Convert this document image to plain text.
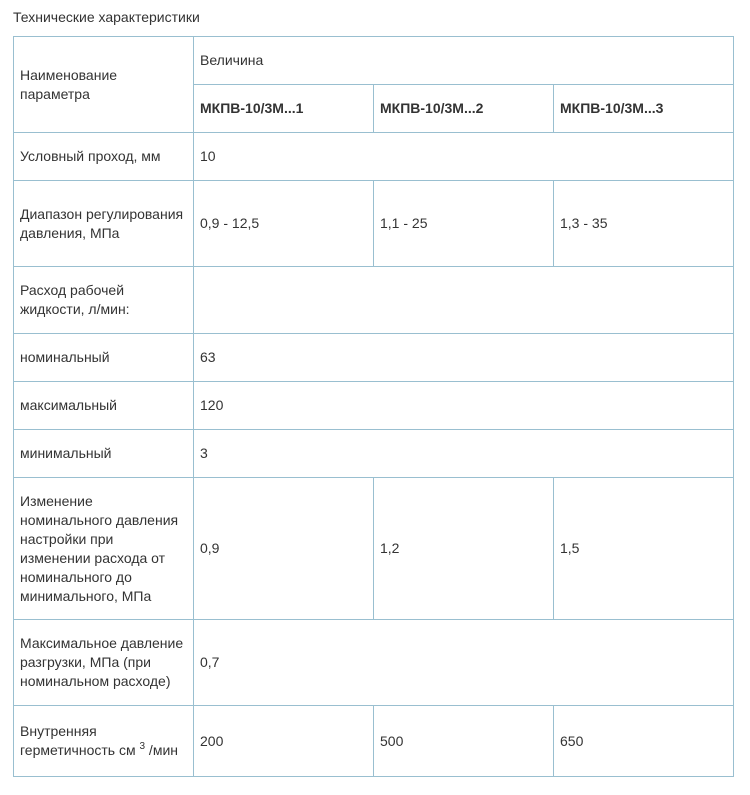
Технические характеристики
Наименование параметра	Величина		
	МКПВ-10/3М...1	МКПВ-10/3М...2	МКПВ-10/3М...3
Условный проход, мм	10		
Диапазон регулирования давления, МПа	0,9 - 12,5	1,1 - 25	1,3 - 35
Расход рабочей жидкости, л/мин:			
номинальный	63		
максимальный	120		
минимальный	3		
Изменение номинального давления настройки при изменении расхода от номинального до минимального, МПа	0,9	1,2	1,5
Максимальное давление разгрузки, МПа (при номинальном расходе)	0,7		
Внутренняя герметичность см $^3$ /мин	200	500	650
